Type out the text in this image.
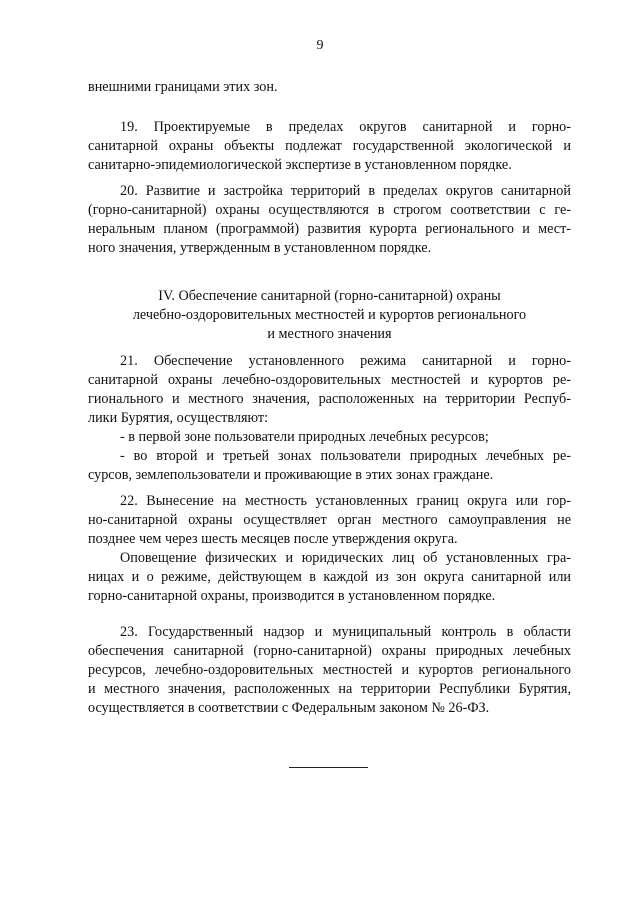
9
внешними границами этих зон.
19. Проектируемые в пределах округов санитарной и горно-
санитарной охраны объекты подлежат государственной экологической и
санитарно-эпидемиологической экспертизе в установленном порядке.
20. Развитие и застройка территорий в пределах округов санитарной
(горно-санитарной) охраны осуществляются в строгом соответствии с ге-
неральным планом (программой) развития курорта регионального и мест-
ного значения, утвержденным в установленном порядке.
IV. Обеспечение санитарной (горно-санитарной) охраны
лечебно-оздоровительных местностей и курортов регионального
и местного значения
21. Обеспечение установленного режима санитарной и горно-
санитарной охраны лечебно-оздоровительных местностей и курортов ре-
гионального и местного значения, расположенных на территории Респуб-
лики Бурятия, осуществляют:
- в первой зоне пользователи природных лечебных ресурсов;
- во второй и третьей зонах пользователи природных лечебных ре-
сурсов, землепользователи и проживающие в этих зонах граждане.
22. Вынесение на местность установленных границ округа или гор-
но-санитарной охраны осуществляет орган местного самоуправления не
позднее чем через шесть месяцев после утверждения округа.
Оповещение физических и юридических лиц об установленных гра-
ницах и о режиме, действующем в каждой из зон округа санитарной или
горно-санитарной охраны, производится в установленном порядке.
23. Государственный надзор и муниципальный контроль в области
обеспечения санитарной (горно-санитарной) охраны природных лечебных
ресурсов, лечебно-оздоровительных местностей и курортов регионального
и местного значения, расположенных на территории Республики Бурятия,
осуществляется в соответствии с Федеральным законом № 26-ФЗ.
